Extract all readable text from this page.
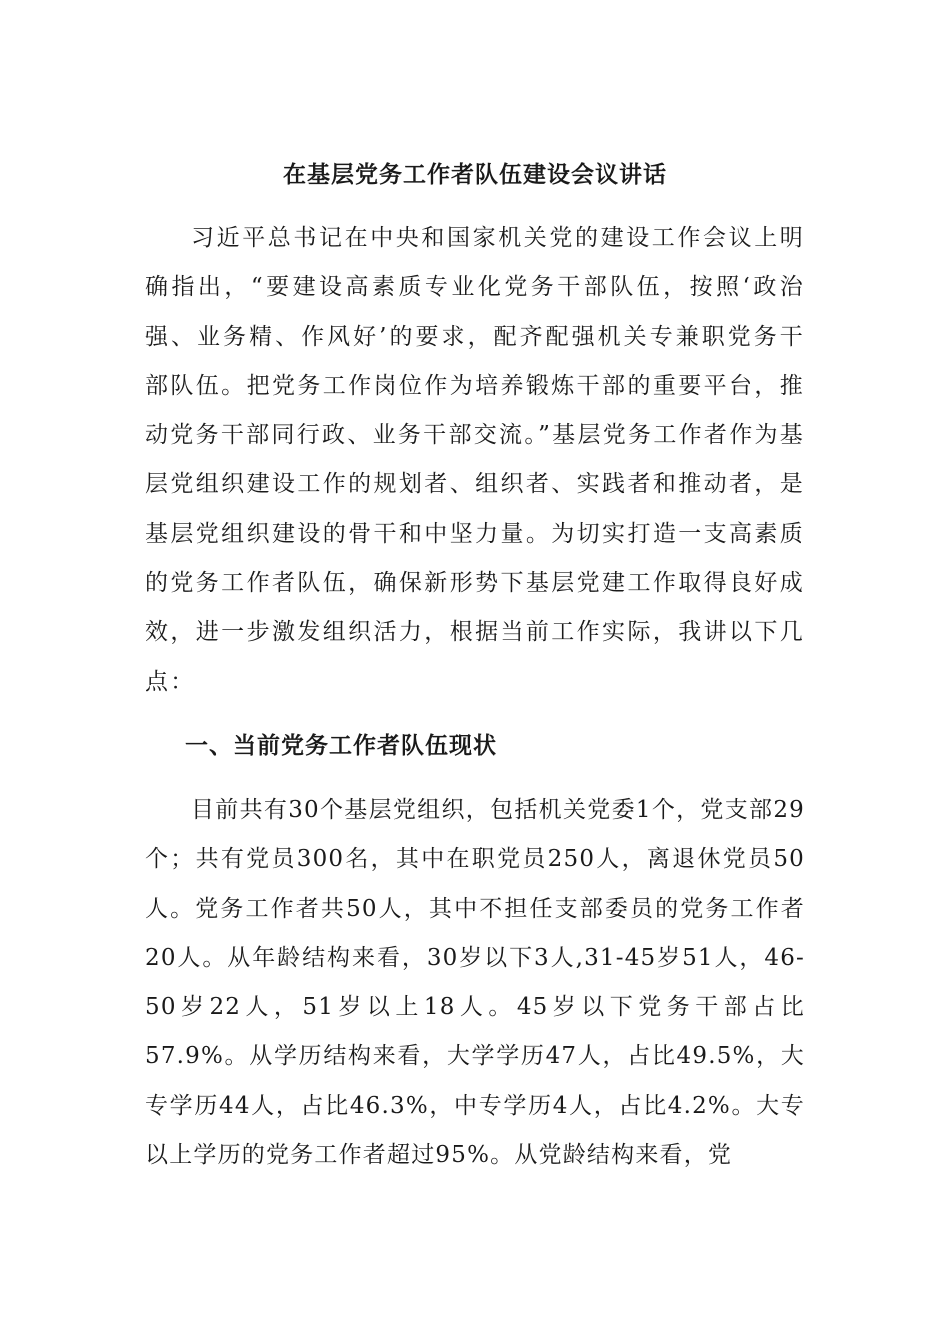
在基层党务工作者队伍建设会议讲话

习近平总书记在中央和国家机关党的建设工作会议上明确指出，“要建设高素质专业化党务干部队伍，按照‘政治强、业务精、作风好’的要求，配齐配强机关专兼职党务干部队伍。把党务工作岗位作为培养锻炼干部的重要平台，推动党务干部同行政、业务干部交流。”基层党务工作者作为基层党组织建设工作的规划者、组织者、实践者和推动者，是基层党组织建设的骨干和中坚力量。为切实打造一支高素质的党务工作者队伍，确保新形势下基层党建工作取得良好成效，进一步激发组织活力，根据当前工作实际，我讲以下几点：

一、当前党务工作者队伍现状

目前共有30个基层党组织，包括机关党委1个，党支部29个；共有党员300名，其中在职党员250人，离退休党员50人。党务工作者共50人，其中不担任支部委员的党务工作者20人。从年龄结构来看，30岁以下3人,31-45岁51人，46-50岁22人，51岁以上18人。45岁以下党务干部占比57.9%。从学历结构来看，大学学历47人，占比49.5%，大专学历44人，占比46.3%，中专学历4人，占比4.2%。大专以上学历的党务工作者超过95%。从党龄结构来看，党
